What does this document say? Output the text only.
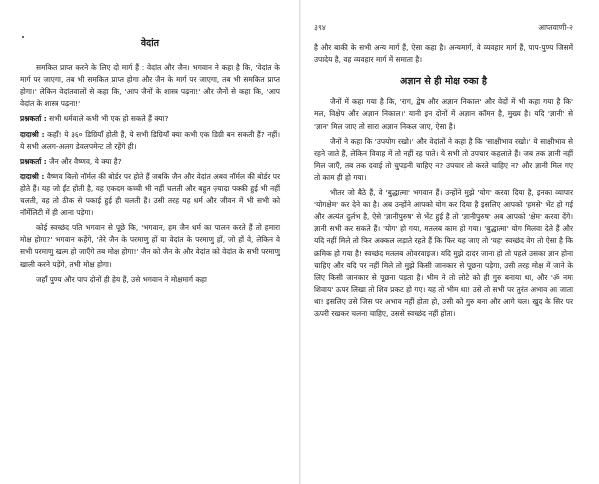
वेदांत

समकित प्राप्त करने के लिए दो मार्ग हैं : वेदांत और जैन। भगवान ने कहा है कि, 'वेदांत के मार्ग पर जाएगा, तब भी समकित प्राप्त होगा और जैन के मार्ग पर जाएगा, तब भी समकित प्राप्त होगा।' लेकिन वेदांतवालों से कहा कि, 'आप जैनों के शास्त्र पढ़ना!' और जैनों से कहा कि, 'आप वेदांत के शास्त्र पढ़ना!'

प्रश्नकर्ता : सभी धर्मवाले कभी भी एक हो सकते हैं क्या?

दादाश्री : कहाँ! ये ३६० डिग्रियाँ होती हैं, ये सभी डिग्रियाँ क्या कभी एक डिग्री बन सकती हैं? नहीं। ये सभी अलग-अलग डेवलपमेन्ट तो रहेंगे ही।

प्रश्नकर्ता : जैन और वैष्णव, ये क्या है?

दादाश्री : वैष्णव बिलो नॉर्मल की बोर्डर पर होते हैं जबकि जैन और वेदांत अबव नॉर्मल की बोर्डर पर होते हैं। यह जो ईंट होती है, वह एकदम कच्ची भी नहीं चलती और बहुत ज़्यादा पक्की हुई भी नहीं चलती, वह तो ठीक से पकाई हुई ही चलती है। उसी तरह यह धर्म और जीवन में भी सभी को नॉर्मेलिटी में ही आना पड़ेगा।

कोई स्वच्छंद पति भगवान से पूछे कि, 'भगवान, हम जैन धर्म का पालन करते हैं तो हमारा मोक्ष होगा?' भगवान कहेंगे, 'तेरे जैन के परमाणु हों या वेदांत के परमाणु हों, जो हों वे, लेकिन वे सभी परमाणु खत्म हो जाएँगे तब मोक्ष होगा!' जैन को जैन के और वेदांत को वेदांत के सभी परमाणु खाली करने पड़ेंगे, तभी मोक्ष होगा।

जहाँ पुण्य और पाप दोनों ही हेय हैं, उसे भगवान ने मोक्षमार्ग कहा

३९४	आप्तवाणी-२

है और बाकी के सभी अन्य मार्ग हैं, ऐसा कहा है। अन्यमार्ग, वे व्यवहार मार्ग हैं, पाप-पुण्य जिसमें उपादेय है, वह व्यवहार मार्ग में समाता है।

अज्ञान से ही मोक्ष रुका है

जैनों में कहा गया है कि, 'राग, द्वेष और अज्ञान निकाल' और वेदों में भी कहा गया है कि' मल, विक्षेप और अज्ञान निकाल।' यानी इन दोनों में अज्ञान कॉमन है, मुख्य है। यदि 'ज्ञानी' से 'ज्ञान' मिल जाए तो सारा अज्ञान निकल जाए, ऐसा है।

जैनों ने कहा कि 'उपयोग रखो।' और वेदांतों ने कहा है कि 'साक्षीभाव रखो।' ये साक्षीभाव से रहने जाते हैं, लेकिन विवाह में तो नहीं रह पाते। ये सभी तो उपचार कहलाते हैं। जब तक ज्ञानी नहीं मिल जाएँ, तब तक दवाई तो चुपड़नी चाहिए न? उपचार तो करते चाहिए न? और ज्ञानी मिल गए तो काम ही हो गया।

भीतर जो बैठे हैं, वे 'बुद्धात्मा' भगवान हैं। उन्होंने मुझे 'योग' करवा दिया है, इनका व्यापार 'योगक्षेम' कर देने का है। अब उन्होंने आपको योग कर दिया है इसलिए आपको 'हमसे' भेंट हो गई और अत्यंत दुर्लभ है, ऐसे 'ज्ञानीपुरुष' से भेंट हुई है तो 'ज्ञानीपुरुष' अब आपको 'क्षेम' करवा देंगे। ज्ञानी सभी कर सकते हैं। 'योग' हो गया, मतलब काम हो गया। 'बुद्धात्मा' योग मिलवा देते हैं और यदि नहीं मिले तो फिर अक्कल लड़ाते रहते हैं कि फिर यह जाए तो 'यह' स्वच्छंद वेग तो ऐसा है कि क्रमिक हो गया है! स्वच्छंद मतलब ओवरवाइज। यदि मुझे दादर जाना हो तो पहले उसका ज्ञान होना चाहिए और यदि पर नहीं मिले तो मुझे किसी जानकार से पूछना पड़ेगा, उसी तरह मोक्ष में जाने के लिए किसी जानकार से पूछना पड़ता है। भीम ने तो लोटे को ही गुरु बनाया था, और 'ॐ नमः शिवाय' ऊपर लिखा तो शिव प्रकट हो गए। यह तो भीम था! उसे तो सभी पर तुरंत अभाव आ जाता था! इसलिए उसे जिस पर अभाव नहीं होता हो, उसी को गुरु बना और आगे चल। खुद के सिर पर ऊपरी रखकर चलना चाहिए, उससे स्वच्छंद नहीं होता।
